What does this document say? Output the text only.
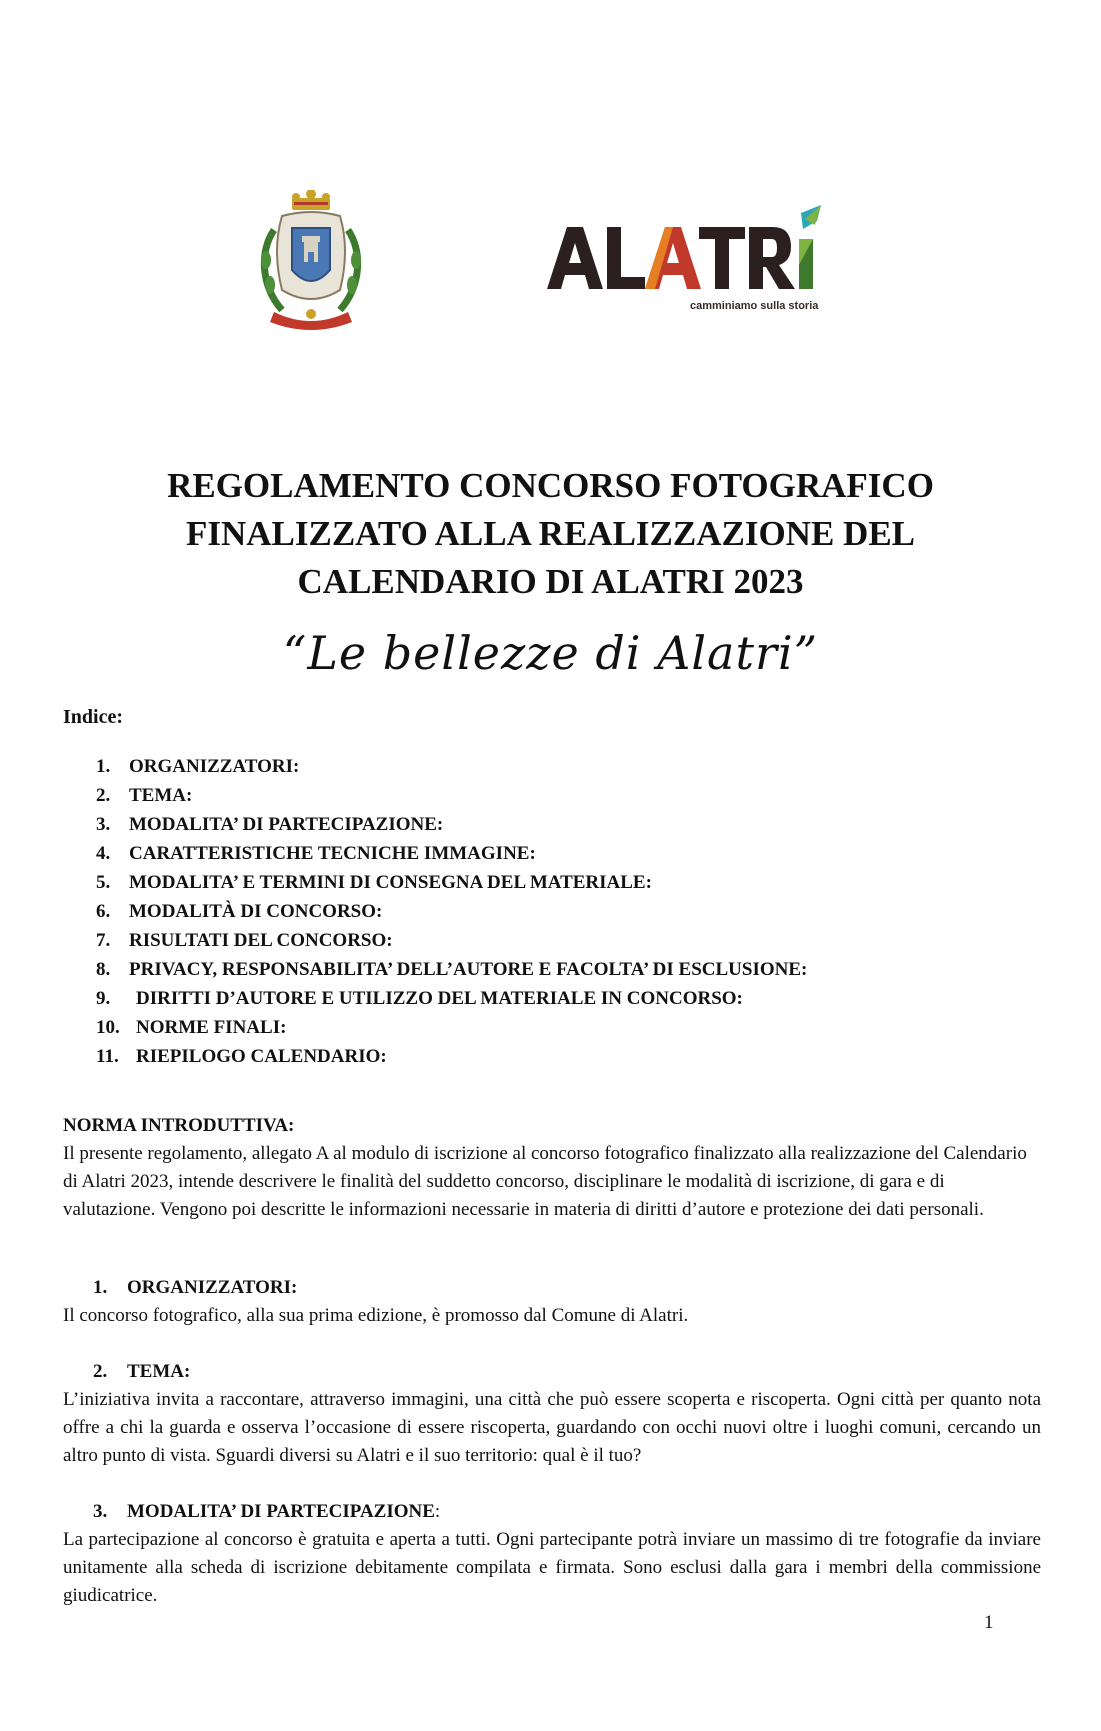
camminiamo sulla storia
REGOLAMENTO CONCORSO FOTOGRAFICO
FINALIZZATO ALLA REALIZZAZIONE DEL
CALENDARIO DI ALATRI 2023
“Le bellezze di Alatri”
Indice:
1. ORGANIZZATORI:
2. TEMA:
3. MODALITA’ DI PARTECIPAZIONE:
4. CARATTERISTICHE TECNICHE IMMAGINE:
5. MODALITA’ E TERMINI DI CONSEGNA DEL MATERIALE:
6. MODALITÀ DI CONCORSO:
7. RISULTATI DEL CONCORSO:
8. PRIVACY, RESPONSABILITA’ DELL’AUTORE E FACOLTA’ DI ESCLUSIONE:
9. DIRITTI D’AUTORE E UTILIZZO DEL MATERIALE IN CONCORSO:
10. NORME FINALI:
11. RIEPILOGO CALENDARIO:
NORMA INTRODUTTIVA:
Il presente regolamento, allegato A al modulo di iscrizione al concorso fotografico finalizzato alla realizzazione del Calendario di Alatri 2023, intende descrivere le finalità del suddetto concorso, disciplinare le modalità di iscrizione, di gara e di valutazione. Vengono poi descritte le informazioni necessarie in materia di diritti d’autore e protezione dei dati personali.
1. ORGANIZZATORI:
Il concorso fotografico, alla sua prima edizione, è promosso dal Comune di Alatri.
2. TEMA:
L’iniziativa invita a raccontare, attraverso immagini, una città che può essere scoperta e riscoperta. Ogni città per quanto nota offre a chi la guarda e osserva l’occasione di essere riscoperta, guardando con occhi nuovi oltre i luoghi comuni, cercando un altro punto di vista. Sguardi diversi su Alatri e il suo territorio: qual è il tuo?
3. MODALITA’ DI PARTECIPAZIONE:
La partecipazione al concorso è gratuita e aperta a tutti. Ogni partecipante potrà inviare un massimo di tre fotografie da inviare unitamente alla scheda di iscrizione debitamente compilata e firmata. Sono esclusi dalla gara i membri della commissione giudicatrice.
1
